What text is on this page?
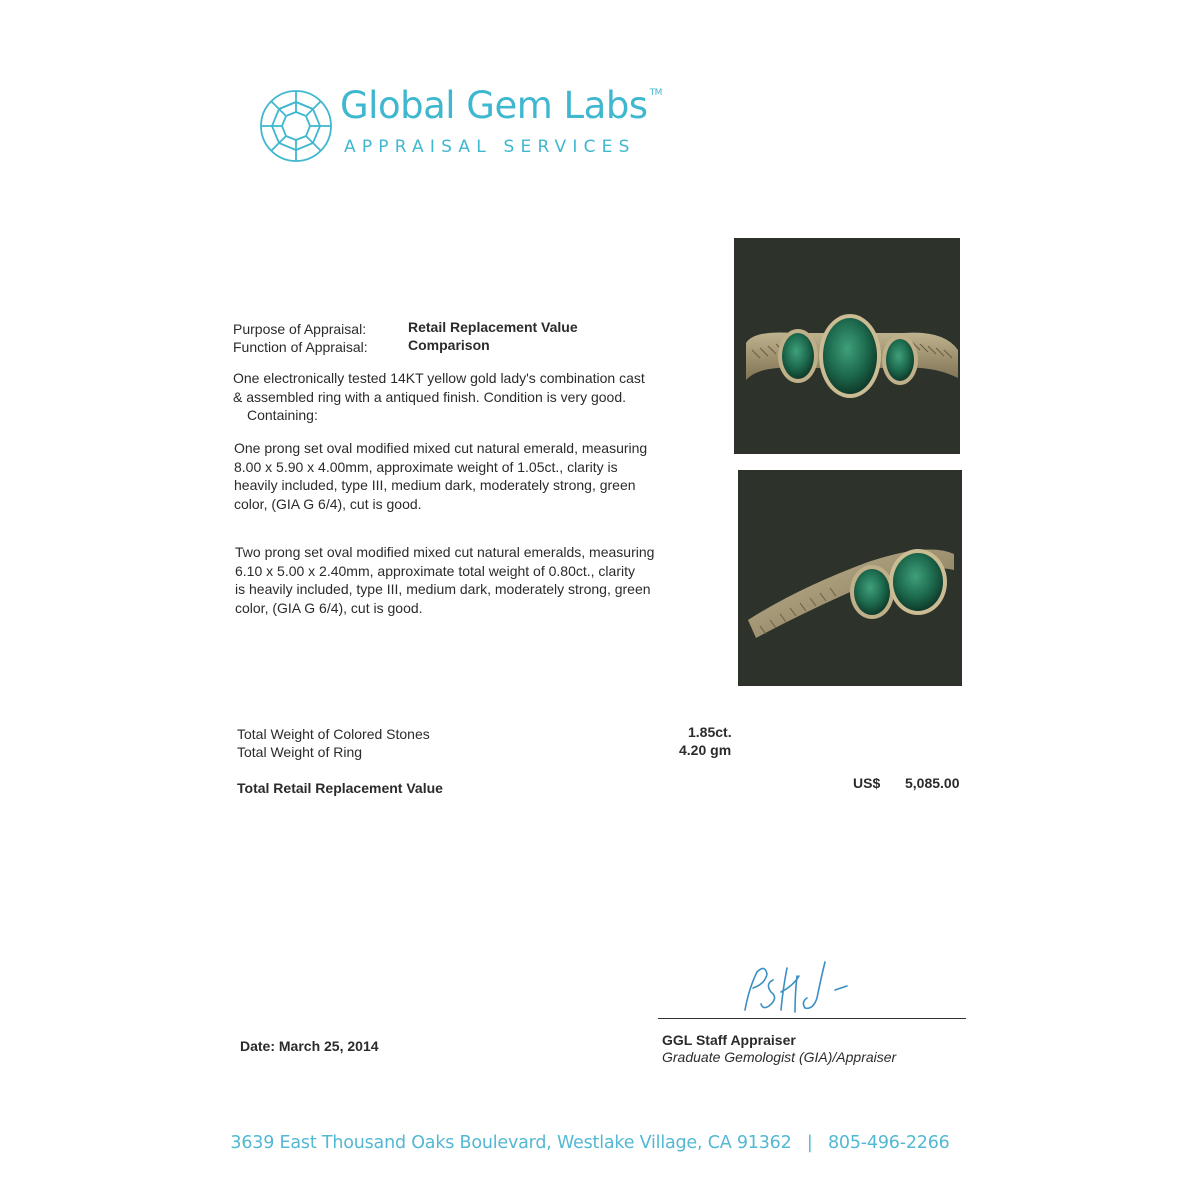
Global Gem Labs ™
APPRAISAL SERVICES
Purpose of Appraisal:	Retail Replacement Value
Function of Appraisal:	Comparison
One electronically tested 14KT yellow gold lady's combination cast
& assembled ring with a antiqued finish. Condition is very good.
Containing:
One prong set oval modified mixed cut natural emerald, measuring
8.00 x 5.90 x 4.00mm, approximate weight of 1.05ct., clarity is
heavily included, type III, medium dark, moderately strong, green
color, (GIA G 6/4), cut is good.
Two prong set oval modified mixed cut natural emeralds, measuring
6.10 x 5.00 x 2.40mm, approximate total weight of 0.80ct., clarity
is heavily included, type III, medium dark, moderately strong, green
color, (GIA G 6/4), cut is good.
Total Weight of Colored Stones	1.85ct.
Total Weight of Ring	4.20 gm
Total Retail Replacement Value	US$ 5,085.00
GGL Staff Appraiser
Graduate Gemologist (GIA)/Appraiser
Date: March 25, 2014
3639 East Thousand Oaks Boulevard, Westlake Village, CA 91362 | 805-496-2266
